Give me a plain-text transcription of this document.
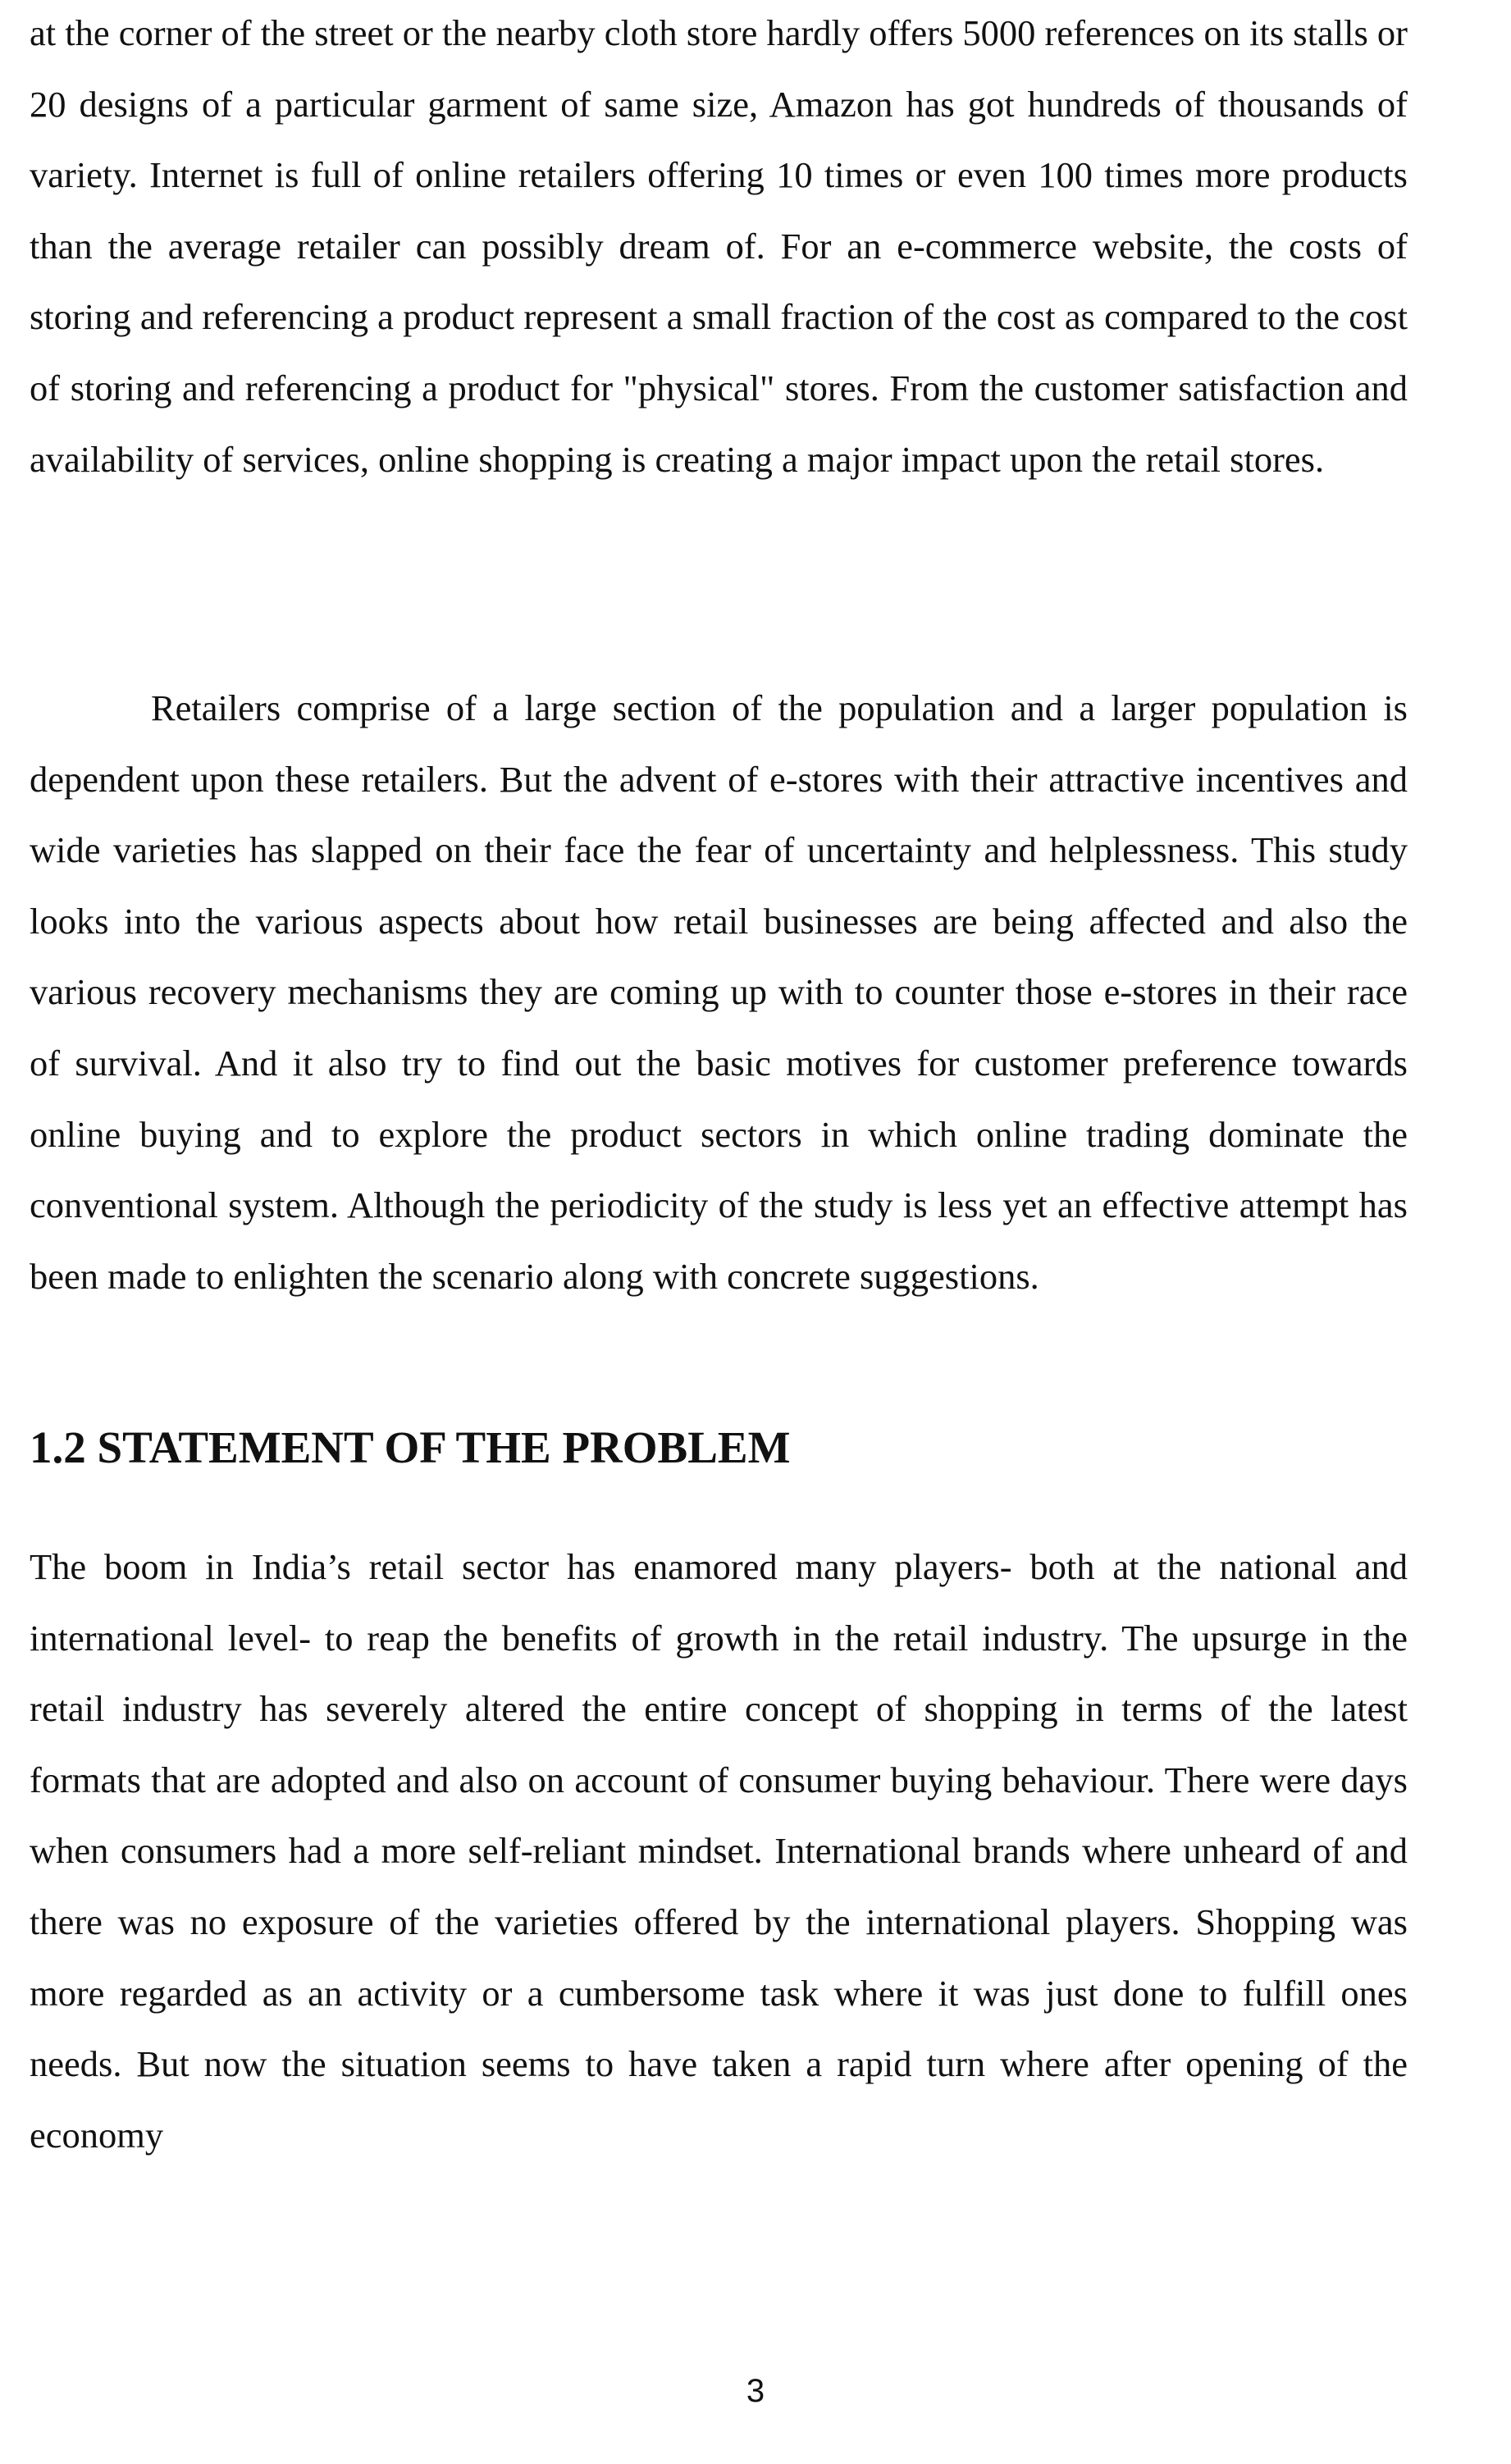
at the corner of the street or the nearby cloth store hardly offers 5000 references on its stalls or 20 designs of a particular garment of same size, Amazon has got hundreds of thousands of variety. Internet is full of online retailers offering 10 times or even 100 times more products than the average retailer can possibly dream of. For an e-commerce website, the costs of storing and referencing a product represent a small fraction of the cost as compared to the cost of storing and referencing a product for "physical" stores. From the customer satisfaction and availability of services, online shopping is creating a major impact upon the retail stores.

Retailers comprise of a large section of the population and a larger population is dependent upon these retailers. But the advent of e-stores with their attractive incentives and wide varieties has slapped on their face the fear of uncertainty and helplessness. This study looks into the various aspects about how retail businesses are being affected and also the various recovery mechanisms they are coming up with to counter those e-stores in their race of survival. And it also try to find out the basic motives for customer preference towards online buying and to explore the product sectors in which online trading dominate the conventional system. Although the periodicity of the study is less yet an effective attempt has been made to enlighten the scenario along with concrete suggestions.

1.2 STATEMENT OF THE PROBLEM

The boom in India’s retail sector has enamored many players- both at the national and international level- to reap the benefits of growth in the retail industry. The upsurge in the retail industry has severely altered the entire concept of shopping in terms of the latest formats that are adopted and also on account of consumer buying behaviour. There were days when consumers had a more self-reliant mindset. International brands where unheard of and there was no exposure of the varieties offered by the international players. Shopping was more regarded as an activity or a cumbersome task where it was just done to fulfill ones needs. But now the situation seems to have taken a rapid turn where after opening of the economy

3
